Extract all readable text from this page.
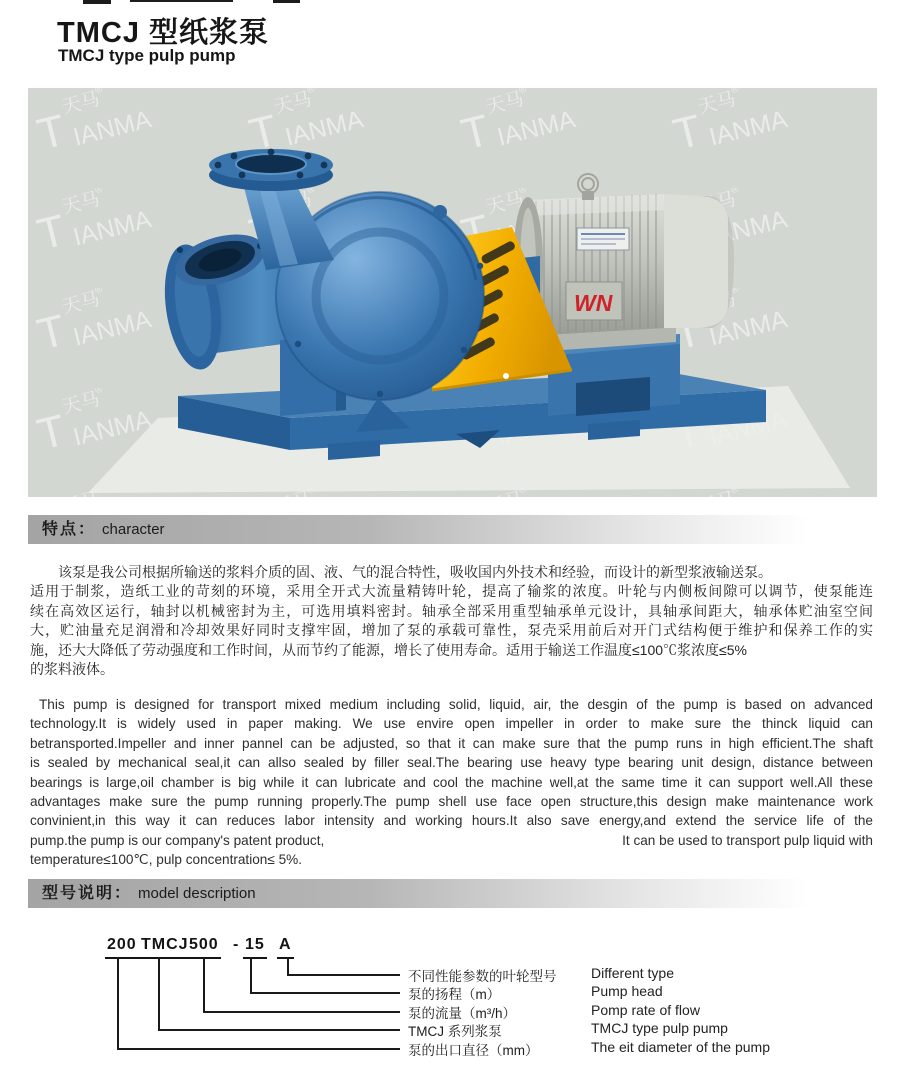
TMCJ 型纸浆泵
TMCJ type pulp pump
WN
特点： character
该泵是我公司根据所输送的浆料介质的固、液、气的混合特性，吸收国内外技术和经验，而设计的新型浆液输送泵。
适用于制浆，造纸工业的苛刻的环境，采用全开式大流量精铸叶轮，提高了输浆的浓度。叶轮与内侧板间隙可以调节，使泵能连
续在高效区运行，轴封以机械密封为主，可选用填料密封。轴承全部采用重型轴承单元设计，具轴承间距大，轴承体贮油室空间
大，贮油量充足润滑和冷却效果好同时支撑牢固，增加了泵的承载可靠性，泵壳采用前后对开门式结构便于维护和保养工作的实
施，还大大降低了劳动强度和工作时间，从而节约了能源，增长了使用寿命。适用于输送工作温度≤100℃浆浓度≤5%
的浆料液体。
This pump is designed for transport mixed medium including solid, liquid, air, the desgin of the pump is based on advanced
technology.It is widely used in paper making. We use envire open impeller in order to make sure the thinck liquid can
betransported.Impeller and inner pannel can be adjusted, so that it can make sure that the pump runs in high efficient.The shaft
is sealed by mechanical seal,it can allso sealed by filler seal.The bearing use heavy type bearing unit design, distance between
bearings is large,oil chamber is big while it can lubricate and cool the machine well,at the same time it can support well.All these
advantages make sure the pump running properly.The pump shell use face open structure,this design make maintenance work
convinient,in this way it can reduces labor intensity and working hours.It also save energy,and extend the service life of the
pump.the pump is our company's patent product,	It can be used to transport pulp liquid with
temperature≤100℃, pulp concentration≤ 5%.
型号说明： model description
200 TMCJ 500 - 15 A
不同性能参数的叶轮型号 Different type
泵的扬程（m）	Pump head
泵的流量（m³/h）	Pomp rate of flow
TMCJ 系列浆泵	TMCJ type pulp pump
泵的出口直径（mm）	The eit diameter of the pump
